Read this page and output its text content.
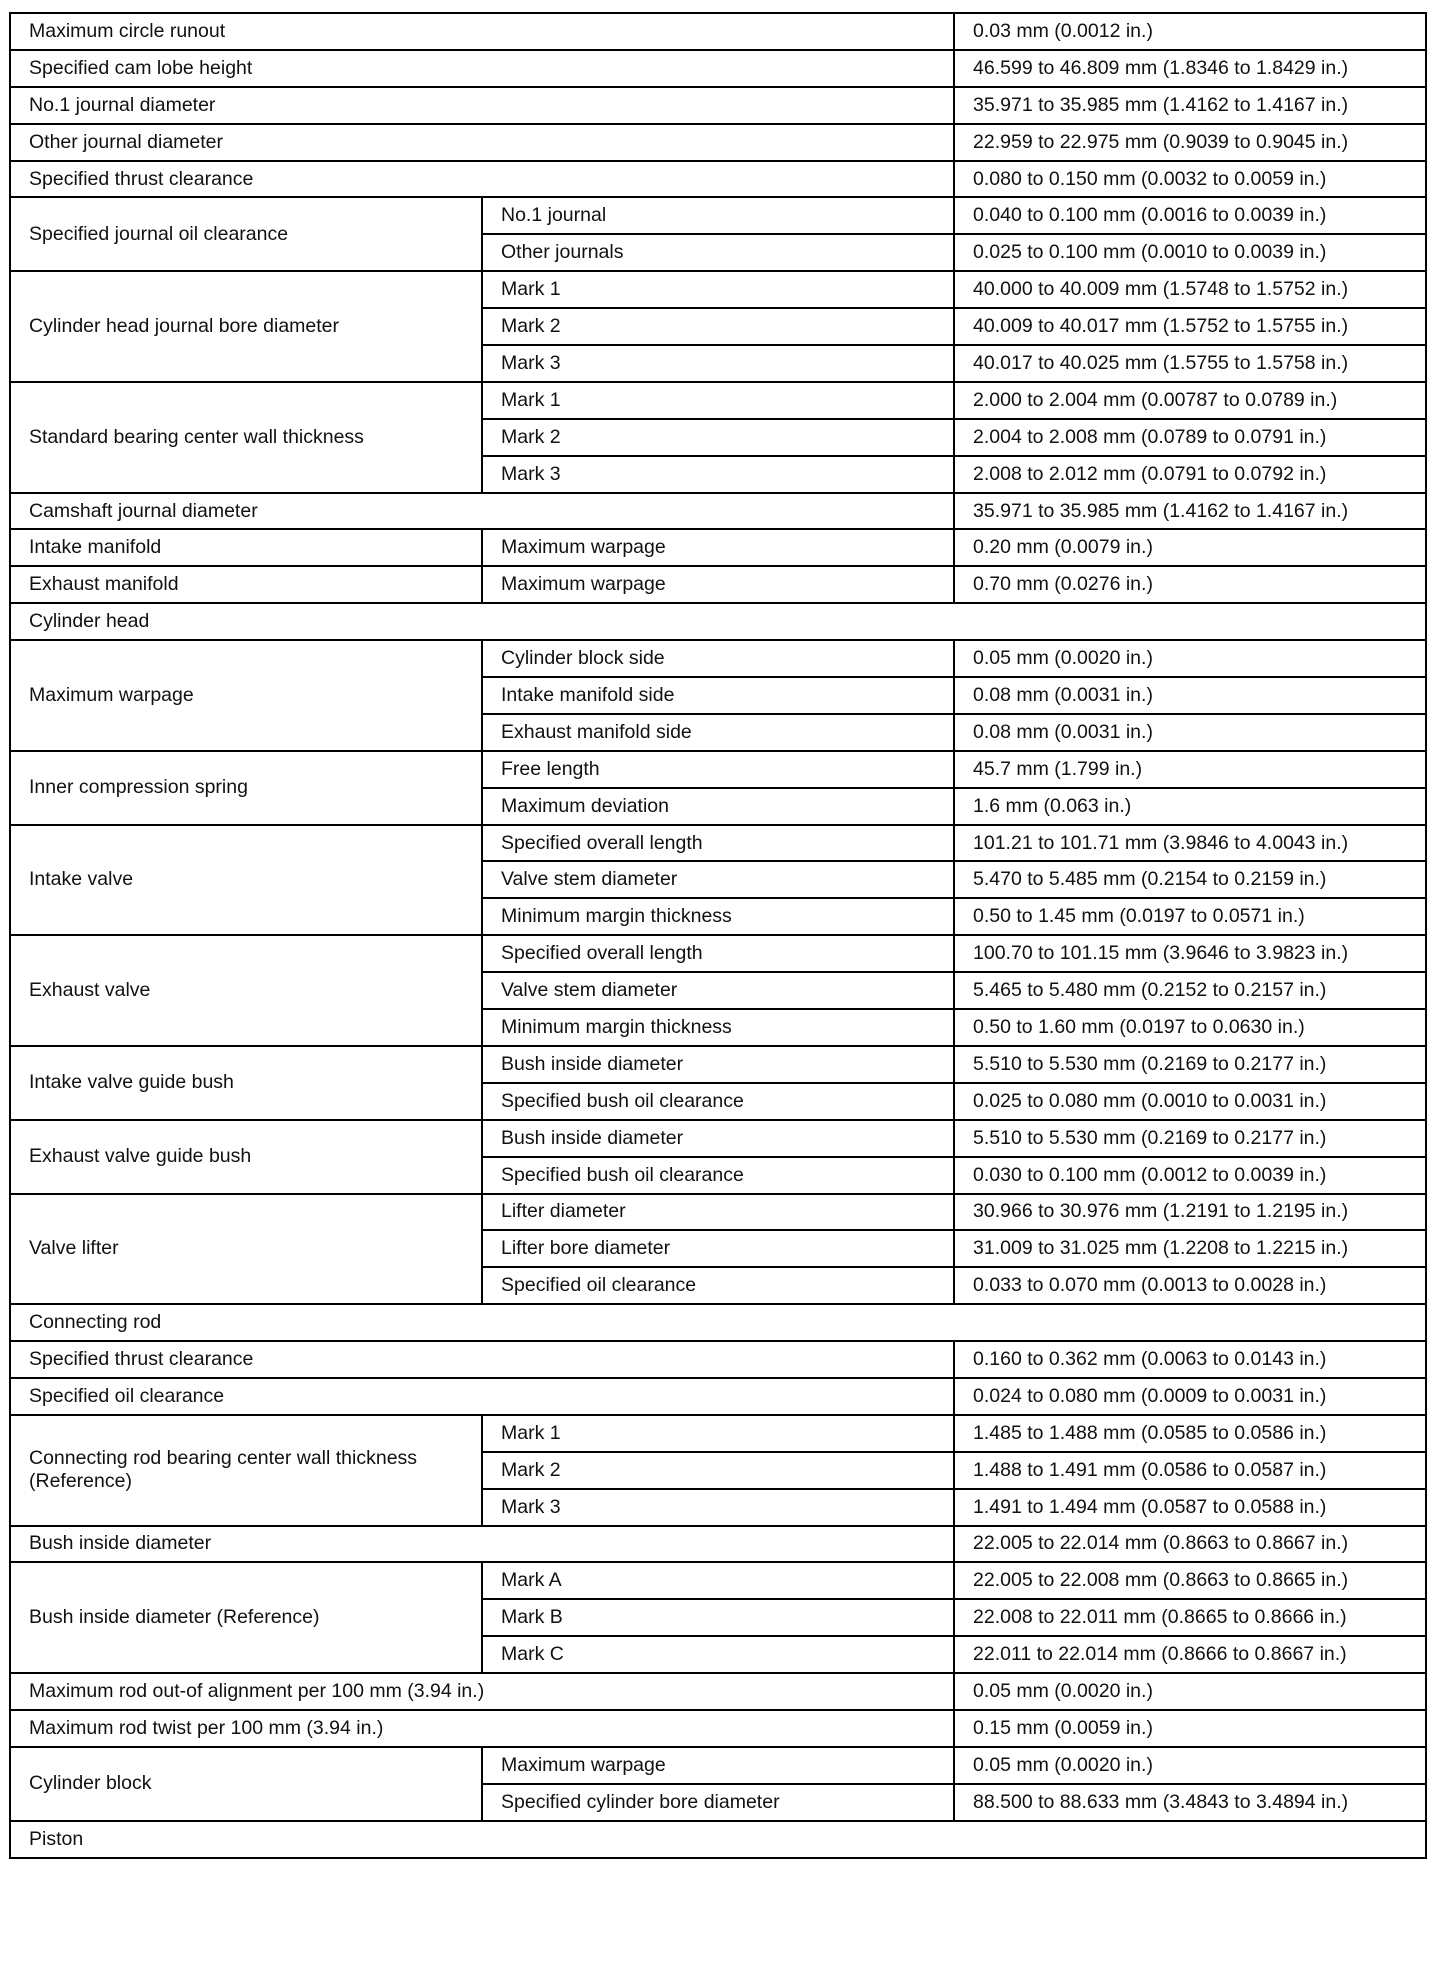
Maximum circle runout		0.03 mm (0.0012 in.)
Specified cam lobe height		46.599 to 46.809 mm (1.8346 to 1.8429 in.)
No.1 journal diameter		35.971 to 35.985 mm (1.4162 to 1.4167 in.)
Other journal diameter		22.959 to 22.975 mm (0.9039 to 0.9045 in.)
Specified thrust clearance		0.080 to 0.150 mm (0.0032 to 0.0059 in.)
Specified journal oil clearance	No.1 journal	0.040 to 0.100 mm (0.0016 to 0.0039 in.)
	Other journals	0.025 to 0.100 mm (0.0010 to 0.0039 in.)
Cylinder head journal bore diameter	Mark 1	40.000 to 40.009 mm (1.5748 to 1.5752 in.)
	Mark 2	40.009 to 40.017 mm (1.5752 to 1.5755 in.)
	Mark 3	40.017 to 40.025 mm (1.5755 to 1.5758 in.)
Standard bearing center wall thickness	Mark 1	2.000 to 2.004 mm (0.00787 to 0.0789 in.)
	Mark 2	2.004 to 2.008 mm (0.0789 to 0.0791 in.)
	Mark 3	2.008 to 2.012 mm (0.0791 to 0.0792 in.)
Camshaft journal diameter		35.971 to 35.985 mm (1.4162 to 1.4167 in.)
Intake manifold	Maximum warpage	0.20 mm (0.0079 in.)
Exhaust manifold	Maximum warpage	0.70 mm (0.0276 in.)
Cylinder head		
Maximum warpage	Cylinder block side	0.05 mm (0.0020 in.)
	Intake manifold side	0.08 mm (0.0031 in.)
	Exhaust manifold side	0.08 mm (0.0031 in.)
Inner compression spring	Free length	45.7 mm (1.799 in.)
	Maximum deviation	1.6 mm (0.063 in.)
Intake valve	Specified overall length	101.21 to 101.71 mm (3.9846 to 4.0043 in.)
	Valve stem diameter	5.470 to 5.485 mm (0.2154 to 0.2159 in.)
	Minimum margin thickness	0.50 to 1.45 mm (0.0197 to 0.0571 in.)
Exhaust valve	Specified overall length	100.70 to 101.15 mm (3.9646 to 3.9823 in.)
	Valve stem diameter	5.465 to 5.480 mm (0.2152 to 0.2157 in.)
	Minimum margin thickness	0.50 to 1.60 mm (0.0197 to 0.0630 in.)
Intake valve guide bush	Bush inside diameter	5.510 to 5.530 mm (0.2169 to 0.2177 in.)
	Specified bush oil clearance	0.025 to 0.080 mm (0.0010 to 0.0031 in.)
Exhaust valve guide bush	Bush inside diameter	5.510 to 5.530 mm (0.2169 to 0.2177 in.)
	Specified bush oil clearance	0.030 to 0.100 mm (0.0012 to 0.0039 in.)
Valve lifter	Lifter diameter	30.966 to 30.976 mm (1.2191 to 1.2195 in.)
	Lifter bore diameter	31.009 to 31.025 mm (1.2208 to 1.2215 in.)
	Specified oil clearance	0.033 to 0.070 mm (0.0013 to 0.0028 in.)
Connecting rod		
Specified thrust clearance		0.160 to 0.362 mm (0.0063 to 0.0143 in.)
Specified oil clearance		0.024 to 0.080 mm (0.0009 to 0.0031 in.)
Connecting rod bearing center wall thickness (Reference)	Mark 1	1.485 to 1.488 mm (0.0585 to 0.0586 in.)
	Mark 2	1.488 to 1.491 mm (0.0586 to 0.0587 in.)
	Mark 3	1.491 to 1.494 mm (0.0587 to 0.0588 in.)
Bush inside diameter		22.005 to 22.014 mm (0.8663 to 0.8667 in.)
Bush inside diameter (Reference)	Mark A	22.005 to 22.008 mm (0.8663 to 0.8665 in.)
	Mark B	22.008 to 22.011 mm (0.8665 to 0.8666 in.)
	Mark C	22.011 to 22.014 mm (0.8666 to 0.8667 in.)
Maximum rod out-of alignment per 100 mm (3.94 in.)		0.05 mm (0.0020 in.)
Maximum rod twist per 100 mm (3.94 in.)		0.15 mm (0.0059 in.)
Cylinder block	Maximum warpage	0.05 mm (0.0020 in.)
	Specified cylinder bore diameter	88.500 to 88.633 mm (3.4843 to 3.4894 in.)
Piston		
